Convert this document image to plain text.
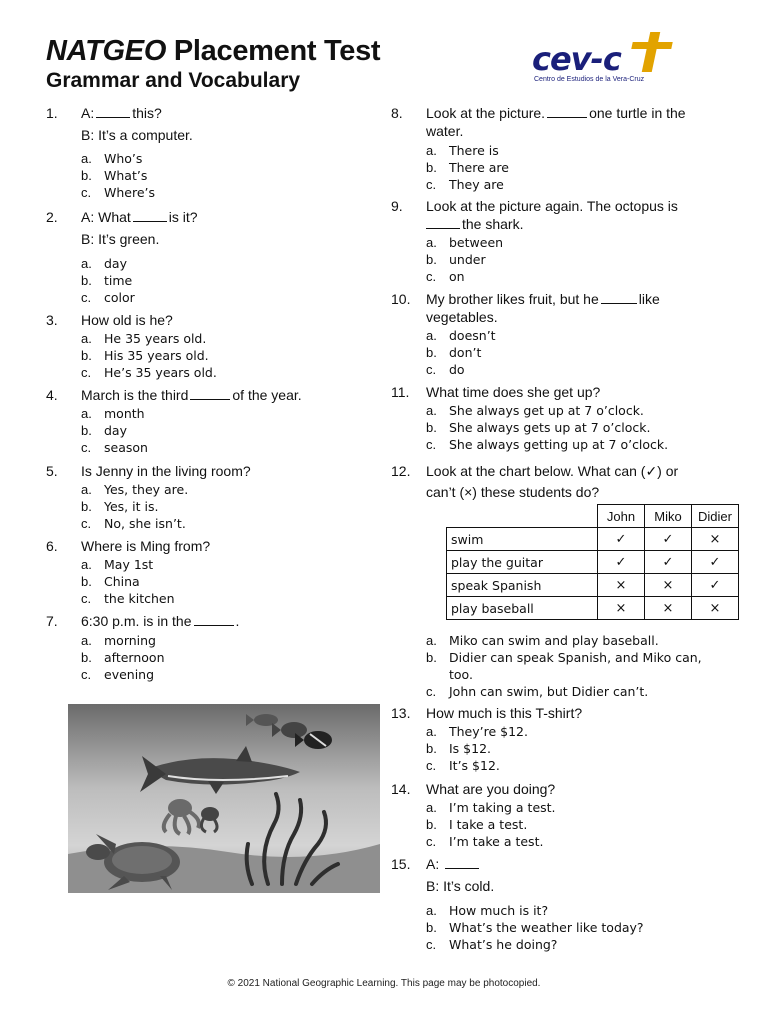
NATGEO Placement Test
Grammar and Vocabulary
cev-c
Centro de Estudios de la Vera-Cruz
1.	A:	this?
B: It’s a computer.
a. Who’s
b. What’s
c. Where’s
2.	A: What	is it?
B: It’s green.
a. day
b. time
c. color
3.	How old is he?
a. He 35 years old.
b. His 35 years old.
c. He’s 35 years old.
4.	March is the third	of the year.
a. month
b. day
c. season
5.	Is Jenny in the living room?
a. Yes, they are.
b. Yes, it is.
c. No, she isn’t.
6.	Where is Ming from?
a. May 1st
b. China
c. the kitchen
7.	6:30 p.m. is in the	.
a. morning
b. afternoon
c. evening
8.	Look at the picture.	one turtle in the
water.
a. There is
b. There are
c. They are
9.	Look at the picture again. The octopus is
the shark.
a. between
b. under
c. on
10.	My brother likes fruit, but he	like
vegetables.
a. doesn’t
b. don’t
c. do
11.	What time does she get up?
a. She always get up at 7 o’clock.
b. She always gets up at 7 o’clock.
c. She always getting up at 7 o’clock.
12.	Look at the chart below. What can (✓) or
can’t (×) these students do?
	John	Miko	Didier
swim	✓	✓	×
play the guitar	✓	✓	✓
speak Spanish	×	×	✓
play baseball	×	×	×
a. Miko can swim and play baseball.
b. Didier can speak Spanish, and Miko can, too.
c. John can swim, but Didier can’t.
13.	How much is this T-shirt?
a. They’re $12.
b. Is $12.
c. It’s $12.
14.	What are you doing?
a. I’m taking a test.
b. I take a test.
c. I’m take a test.
15.	A:
B: It’s cold.
a. How much is it?
b. What’s the weather like today?
c. What’s he doing?
© 2021 National Geographic Learning. This page may be photocopied.
